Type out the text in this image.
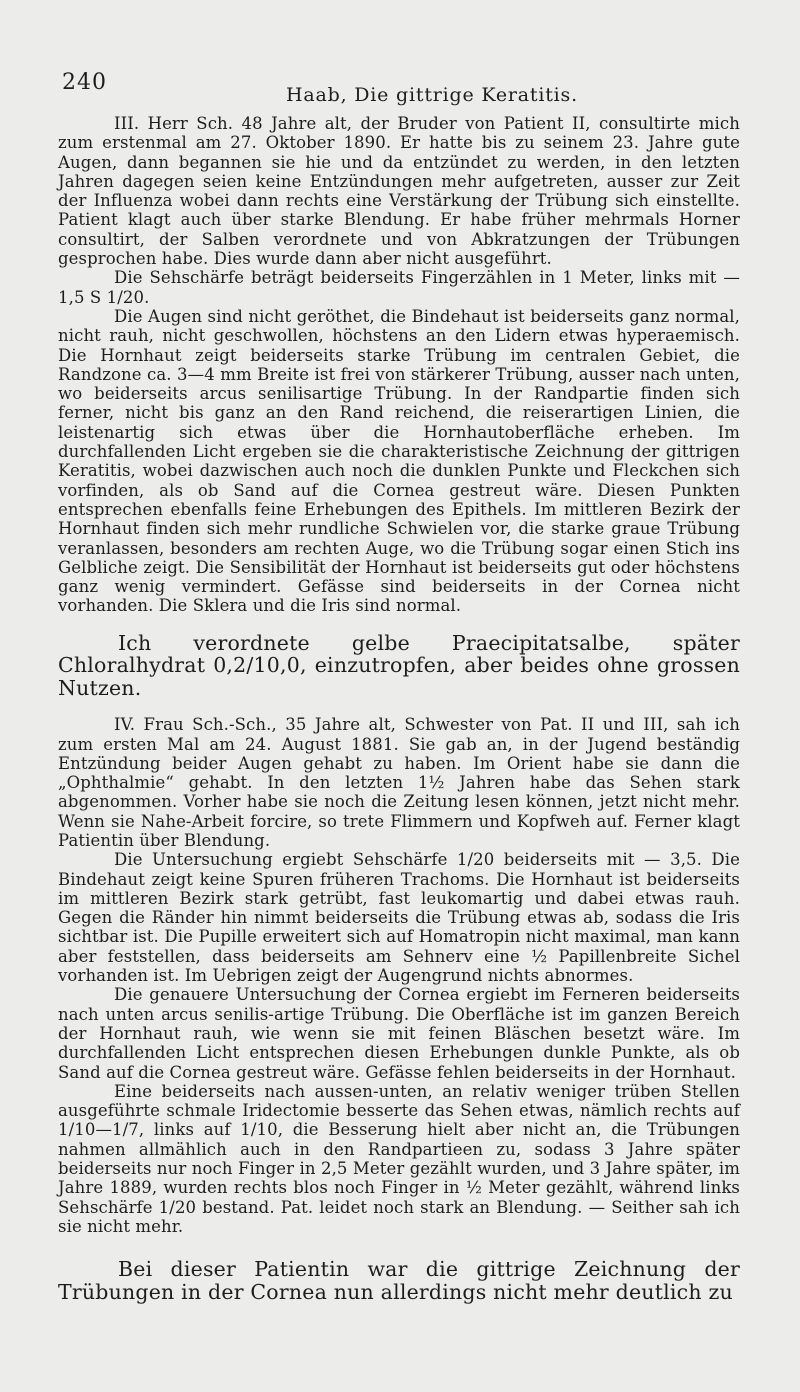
240	Haab, Die gittrige Keratitis.

III. Herr Sch. 48 Jahre alt, der Bruder von Patient II, consultirte mich zum erstenmal am 27. Oktober 1890. Er hatte bis zu seinem 23. Jahre gute Augen, dann begannen sie hie und da entzündet zu werden, in den letzten Jahren dagegen seien keine Entzündungen mehr aufgetreten, ausser zur Zeit der Influenza wobei dann rechts eine Verstärkung der Trübung sich einstellte. Patient klagt auch über starke Blendung. Er habe früher mehrmals Horner consultirt, der Salben verordnete und von Abkratzungen der Trübungen gesprochen habe. Dies wurde dann aber nicht ausgeführt.

Die Sehschärfe beträgt beiderseits Fingerzählen in 1 Meter, links mit — 1,5 S 1/20.

Die Augen sind nicht geröthet, die Bindehaut ist beiderseits ganz normal, nicht rauh, nicht geschwollen, höchstens an den Lidern etwas hyperaemisch. Die Hornhaut zeigt beiderseits starke Trübung im centralen Gebiet, die Randzone ca. 3—4 mm Breite ist frei von stärkerer Trübung, ausser nach unten, wo beiderseits arcus senilisartige Trübung. In der Randpartie finden sich ferner, nicht bis ganz an den Rand reichend, die reiserartigen Linien, die leistenartig sich etwas über die Hornhautoberfläche erheben. Im durchfallenden Licht ergeben sie die charakteristische Zeichnung der gittrigen Keratitis, wobei dazwischen auch noch die dunklen Punkte und Fleckchen sich vorfinden, als ob Sand auf die Cornea gestreut wäre. Diesen Punkten entsprechen ebenfalls feine Erhebungen des Epithels. Im mittleren Bezirk der Hornhaut finden sich mehr rundliche Schwielen vor, die starke graue Trübung veranlassen, besonders am rechten Auge, wo die Trübung sogar einen Stich ins Gelbliche zeigt. Die Sensibilität der Hornhaut ist beiderseits gut oder höchstens ganz wenig vermindert. Gefässe sind beiderseits in der Cornea nicht vorhanden. Die Sklera und die Iris sind normal.

Ich verordnete gelbe Praecipitatsalbe, später Chloralhydrat 0,2/10,0, einzutropfen, aber beides ohne grossen Nutzen.

IV. Frau Sch.-Sch., 35 Jahre alt, Schwester von Pat. II und III, sah ich zum ersten Mal am 24. August 1881. Sie gab an, in der Jugend beständig Entzündung beider Augen gehabt zu haben. Im Orient habe sie dann die „Ophthalmie“ gehabt. In den letzten 1½ Jahren habe das Sehen stark abgenommen. Vorher habe sie noch die Zeitung lesen können, jetzt nicht mehr. Wenn sie Nahe-Arbeit forcire, so trete Flimmern und Kopfweh auf. Ferner klagt Patientin über Blendung.

Die Untersuchung ergiebt Sehschärfe 1/20 beiderseits mit — 3,5. Die Bindehaut zeigt keine Spuren früheren Trachoms. Die Hornhaut ist beiderseits im mittleren Bezirk stark getrübt, fast leukomartig und dabei etwas rauh. Gegen die Ränder hin nimmt beiderseits die Trübung etwas ab, sodass die Iris sichtbar ist. Die Pupille erweitert sich auf Homatropin nicht maximal, man kann aber feststellen, dass beiderseits am Sehnerv eine ½ Papillenbreite Sichel vorhanden ist. Im Uebrigen zeigt der Augengrund nichts abnormes.

Die genauere Untersuchung der Cornea ergiebt im Ferneren beiderseits nach unten arcus senilis-artige Trübung. Die Oberfläche ist im ganzen Bereich der Hornhaut rauh, wie wenn sie mit feinen Bläschen besetzt wäre. Im durchfallenden Licht entsprechen diesen Erhebungen dunkle Punkte, als ob Sand auf die Cornea gestreut wäre. Gefässe fehlen beiderseits in der Hornhaut.

Eine beiderseits nach aussen-unten, an relativ weniger trüben Stellen ausgeführte schmale Iridectomie besserte das Sehen etwas, nämlich rechts auf 1/10—1/7, links auf 1/10, die Besserung hielt aber nicht an, die Trübungen nahmen allmählich auch in den Randpartieen zu, sodass 3 Jahre später beiderseits nur noch Finger in 2,5 Meter gezählt wurden, und 3 Jahre später, im Jahre 1889, wurden rechts blos noch Finger in ½ Meter gezählt, während links Sehschärfe 1/20 bestand. Pat. leidet noch stark an Blendung. — Seither sah ich sie nicht mehr.

Bei dieser Patientin war die gittrige Zeichnung der Trübungen in der Cornea nun allerdings nicht mehr deutlich zu
